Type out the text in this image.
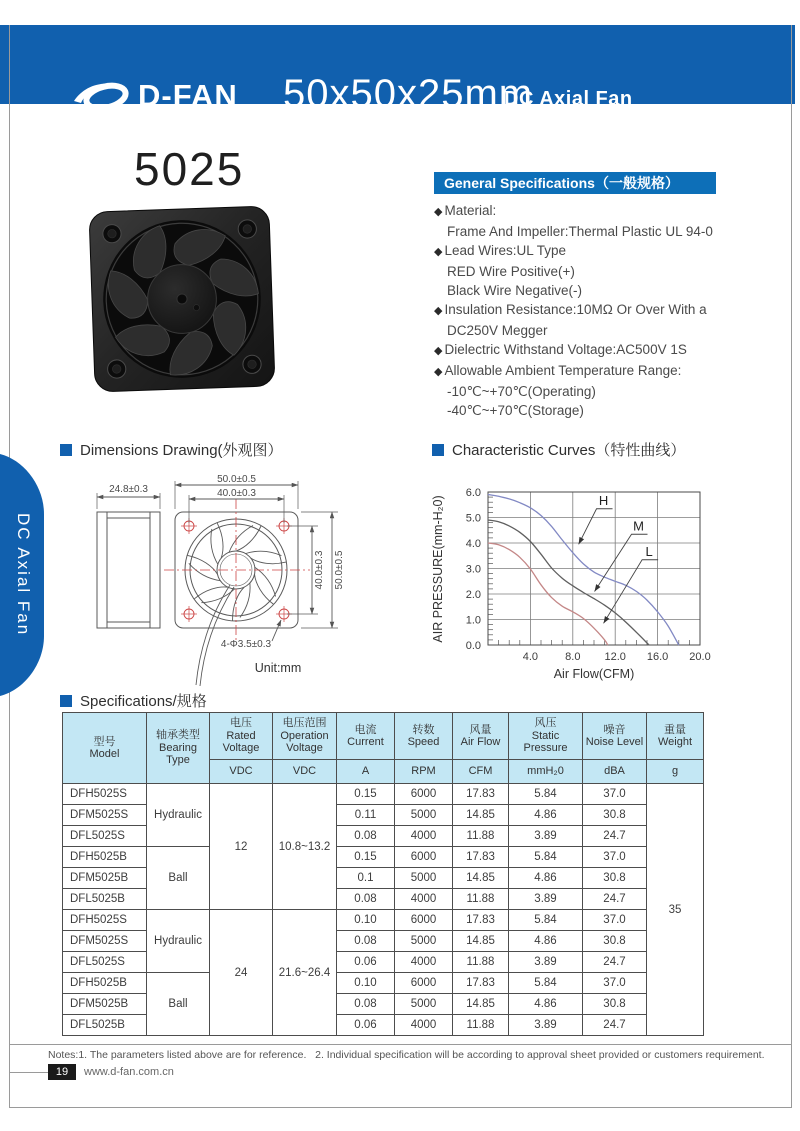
D-FAN 50x50x25mm
DC Axial Fan
DC Axial Fan
5025	General Specifications（一般规格）
◆ Material:
Frame And Impeller:Thermal Plastic UL 94-0
◆ Lead Wires:UL Type
RED Wire Positive(+)
Black Wire Negative(-)
◆ Insulation Resistance:10MΩ Or Over With a
DC250V Megger
◆ Dielectric Withstand Voltage:AC500V 1S
◆ Allowable Ambient Temperature Range:
-10℃~+70℃(Operating)
-40℃~+70℃(Storage)
Dimensions Drawing(外观图）	Characteristic Curves（特性曲线）
24.8±0.3
50.0±0.5
40.0±0.3
40.0±0.3 50.0±0.5
4-Φ3.5±0.3
Unit:mm	Air Flow(CFM)
AIR PRESSURE(mm-H₂0)
4.0 8.0 12.0 16.0 20.0
0.0
1.0
2.0
3.0
4.0
5.0
6.0	H
M
L
Specifications/规格
型号
Model	轴承类型
Bearing
Type	电压
Rated
Voltage	电压范围
Operation
Voltage	电流
Current	转数
Speed	风量
Air Flow	风压
Static
Pressure	噪音
Noise Level	重量
Weight
		VDC	VDC	A	RPM	CFM	mmH₂0	dBA	g
DFH5025S	Hydraulic	12	10.8~13.2	0.15	6000	17.83	5.84	37.0	35
DFM5025S				0.11	5000	14.85	4.86	30.8	
DFL5025S				0.08	4000	11.88	3.89	24.7	
DFH5025B	Ball			0.15	6000	17.83	5.84	37.0	
DFM5025B				0.1	5000	14.85	4.86	30.8	
DFL5025B				0.08	4000	11.88	3.89	24.7	
DFH5025S	Hydraulic	24	21.6~26.4	0.10	6000	17.83	5.84	37.0	
DFM5025S				0.08	5000	14.85	4.86	30.8	
DFL5025S				0.06	4000	11.88	3.89	24.7	
DFH5025B	Ball			0.10	6000	17.83	5.84	37.0	
DFM5025B				0.08	5000	14.85	4.86	30.8	
DFL5025B				0.06	4000	11.88	3.89	24.7	
Notes:1. The parameters listed above are for reference.   2. Individual specification will be according to approval sheet provided or customers requirement.
19	www.d-fan.com.cn
